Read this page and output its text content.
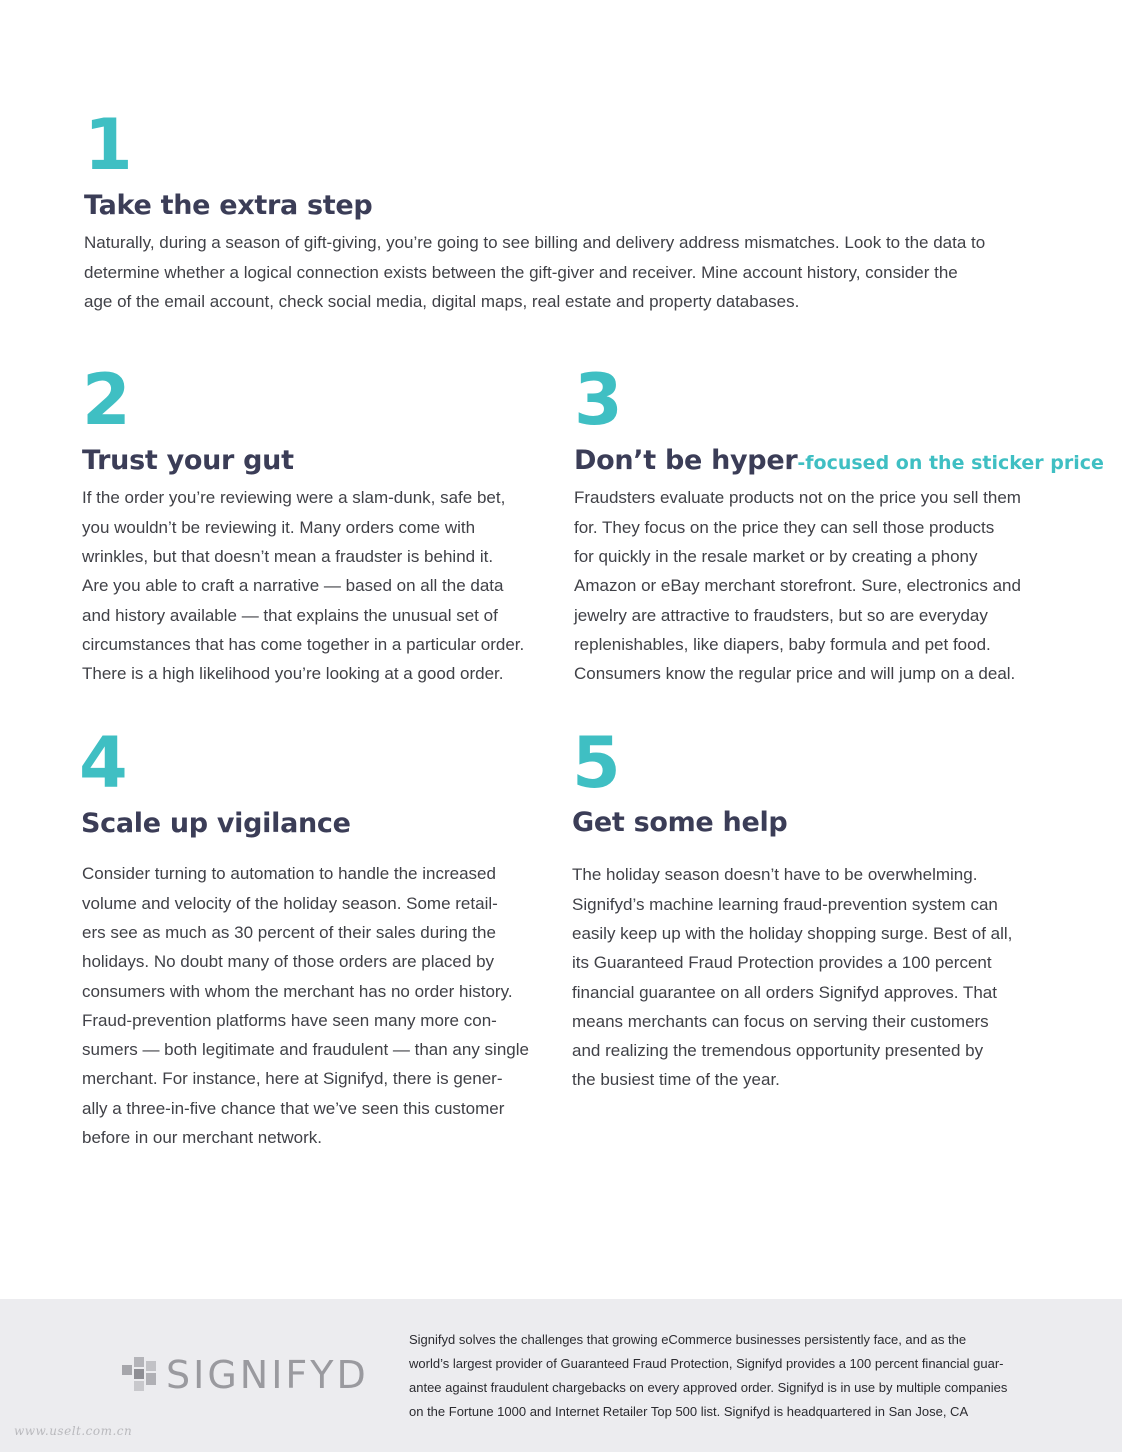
1
Take the extra step

Naturally, during a season of gift-giving, you’re going to see billing and delivery address mismatches. Look to the data to
determine whether a logical connection exists between the gift-giver and receiver. Mine account history, consider the
age of the email account, check social media, digital maps, real estate and property databases.

2
Trust your gut

If the order you’re reviewing were a slam-dunk, safe bet,
you wouldn’t be reviewing it. Many orders come with
wrinkles, but that doesn’t mean a fraudster is behind it.
Are you able to craft a narrative — based on all the data
and history available — that explains the unusual set of
circumstances that has come together in a particular order.
There is a high likelihood you’re looking at a good order.

3
Don’t be hyper-focused on the sticker price

Fraudsters evaluate products not on the price you sell them
for. They focus on the price they can sell those products
for quickly in the resale market or by creating a phony
Amazon or eBay merchant storefront. Sure, electronics and
jewelry are attractive to fraudsters, but so are everyday
replenishables, like diapers, baby formula and pet food.
Consumers know the regular price and will jump on a deal.

4
Scale up vigilance

Consider turning to automation to handle the increased
volume and velocity of the holiday season. Some retail-
ers see as much as 30 percent of their sales during the
holidays. No doubt many of those orders are placed by
consumers with whom the merchant has no order history.
Fraud-prevention platforms have seen many more con-
sumers — both legitimate and fraudulent — than any single
merchant. For instance, here at Signifyd, there is gener-
ally a three-in-five chance that we’ve seen this customer
before in our merchant network.

5
Get some help

The holiday season doesn’t have to be overwhelming.
Signifyd’s machine learning fraud-prevention system can
easily keep up with the holiday shopping surge. Best of all,
its Guaranteed Fraud Protection provides a 100 percent
financial guarantee on all orders Signifyd approves. That
means merchants can focus on serving their customers
and realizing the tremendous opportunity presented by
the busiest time of the year.

SIGNIFYD
Signifyd solves the challenges that growing eCommerce businesses persistently face, and as the
world’s largest provider of Guaranteed Fraud Protection, Signifyd provides a 100 percent financial guar-
antee against fraudulent chargebacks on every approved order. Signifyd is in use by multiple companies
on the Fortune 1000 and Internet Retailer Top 500 list. Signifyd is headquartered in San Jose, CA
www.uselt.com.cn
